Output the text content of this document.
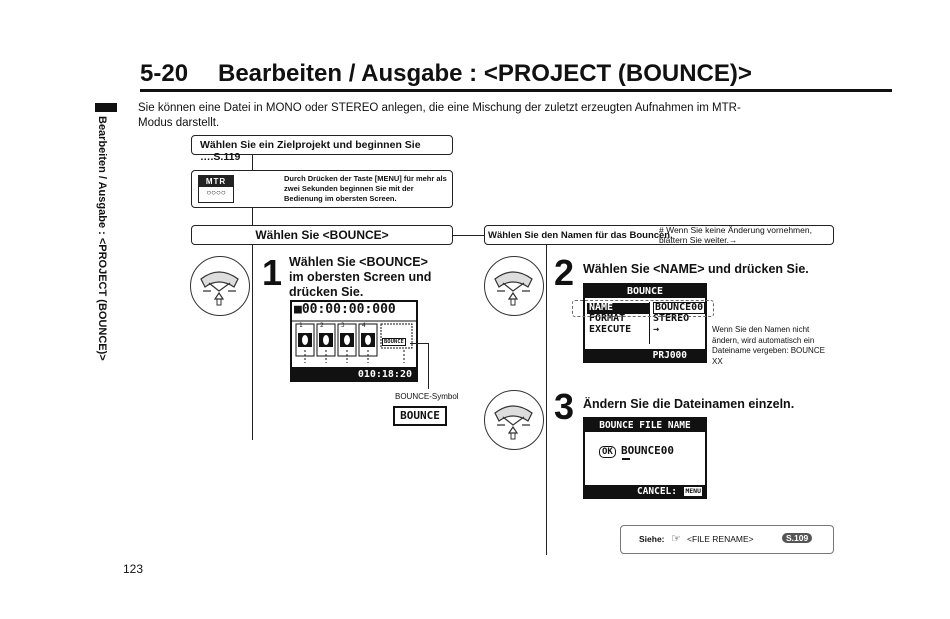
5-20 Bearbeiten / Ausgabe : <PROJECT (BOUNCE)>
Bearbeiten / Ausgabe : <PROJECT (BOUNCE)>
Sie können eine Datei in MONO oder STEREO anlegen, die eine Mischung der zuletzt erzeugten Aufnahmen im MTR-Modus darstellt.
Wählen Sie ein Zielprojekt und beginnen Sie ….S.119
MTR
○○○○
Durch Drücken der Taste [MENU] für mehr als zwei Sekunden beginnen Sie mit der Bedienung im obersten Screen.
Wählen Sie <BOUNCE>	Wählen Sie den Namen für das Bouncen.
# Wenn Sie keine Änderung vornehmen, blättern Sie weiter.→
1 Wählen Sie <BOUNCE> im obersten Screen und drücken Sie.
■00:00:00:000
1	2	3	4
BOUNCE
010:18:20
BOUNCE-Symbol
BOUNCE
2 Wählen Sie <NAME> und drücken Sie.
BOUNCE
NAME	BOUNCE00
FORMAT	STEREO
EXECUTE →
PRJ000
Wenn Sie den Namen nicht ändern, wird automatisch ein Dateiname vergeben: BOUNCE XX
3 Ändern Sie die Dateinamen einzeln.
BOUNCE FILE NAME
OK BOUNCE00
CANCEL: MENU
Siehe: ☞ <FILE RENAME>	S.109
123
